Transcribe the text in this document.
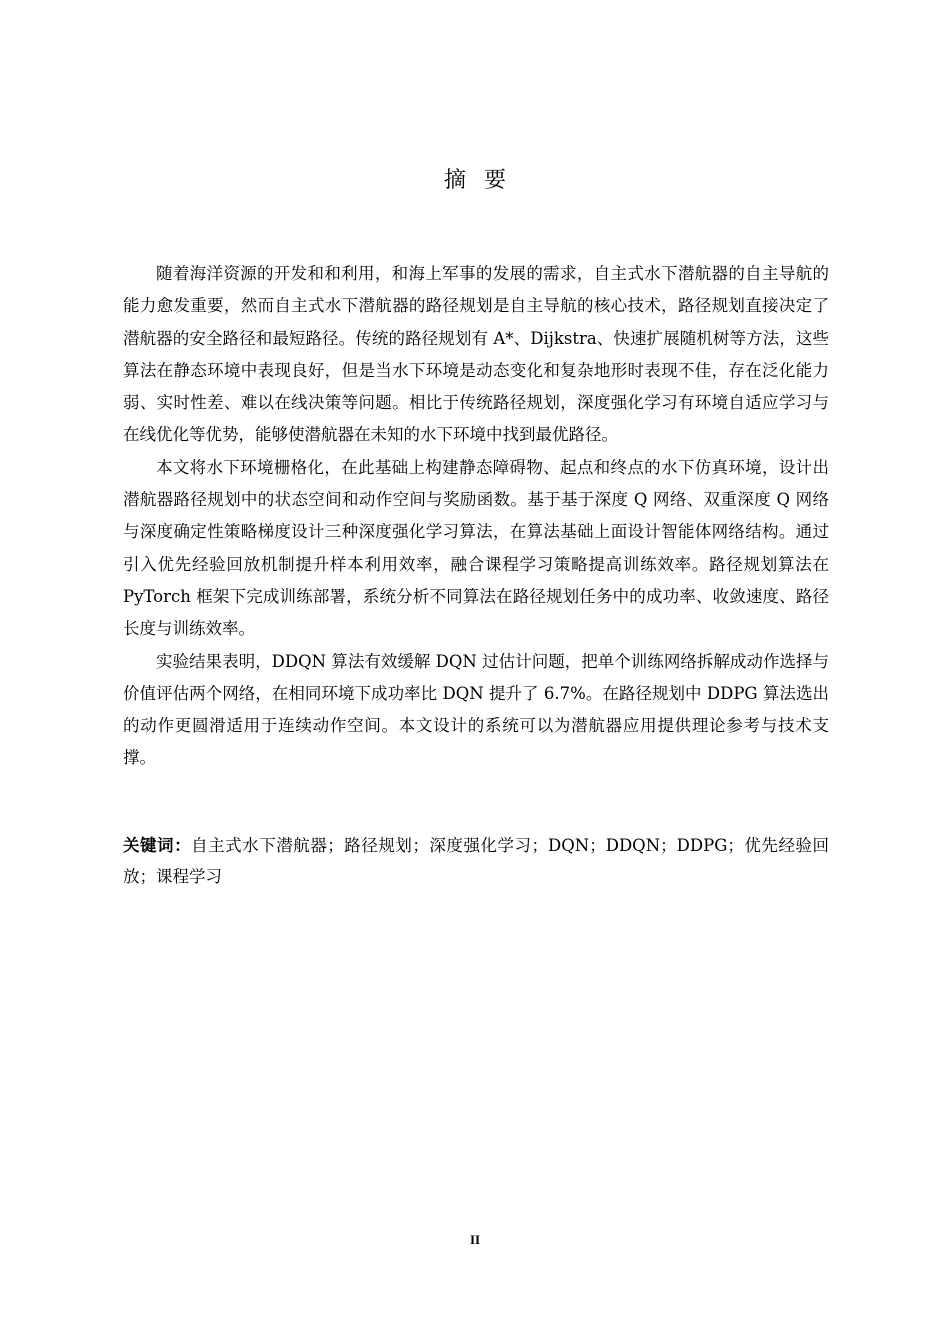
摘要

随着海洋资源的开发和和利用，和海上军事的发展的需求，自主式水下潜航器的自主导航的能力愈发重要，然而自主式水下潜航器的路径规划是自主导航的核心技术，路径规划直接决定了潜航器的安全路径和最短路径。传统的路径规划有 A*、Dijkstra、快速扩展随机树等方法，这些算法在静态环境中表现良好，但是当水下环境是动态变化和复杂地形时表现不佳，存在泛化能力弱、实时性差、难以在线决策等问题。相比于传统路径规划，深度强化学习有环境自适应学习与在线优化等优势，能够使潜航器在未知的水下环境中找到最优路径。

本文将水下环境栅格化，在此基础上构建静态障碍物、起点和终点的水下仿真环境，设计出潜航器路径规划中的状态空间和动作空间与奖励函数。基于基于深度 Q 网络、双重深度 Q 网络与深度确定性策略梯度设计三种深度强化学习算法，在算法基础上面设计智能体网络结构。通过引入优先经验回放机制提升样本利用效率，融合课程学习策略提高训练效率。路径规划算法在 PyTorch 框架下完成训练部署，系统分析不同算法在路径规划任务中的成功率、收敛速度、路径长度与训练效率。

实验结果表明，DDQN 算法有效缓解 DQN 过估计问题，把单个训练网络拆解成动作选择与价值评估两个网络，在相同环境下成功率比 DQN 提升了 6.7%。在路径规划中 DDPG 算法选出的动作更圆滑适用于连续动作空间。本文设计的系统可以为潜航器应用提供理论参考与技术支撑。

关键词：自主式水下潜航器；路径规划；深度强化学习；DQN；DDQN；DDPG；优先经验回放；课程学习
II
